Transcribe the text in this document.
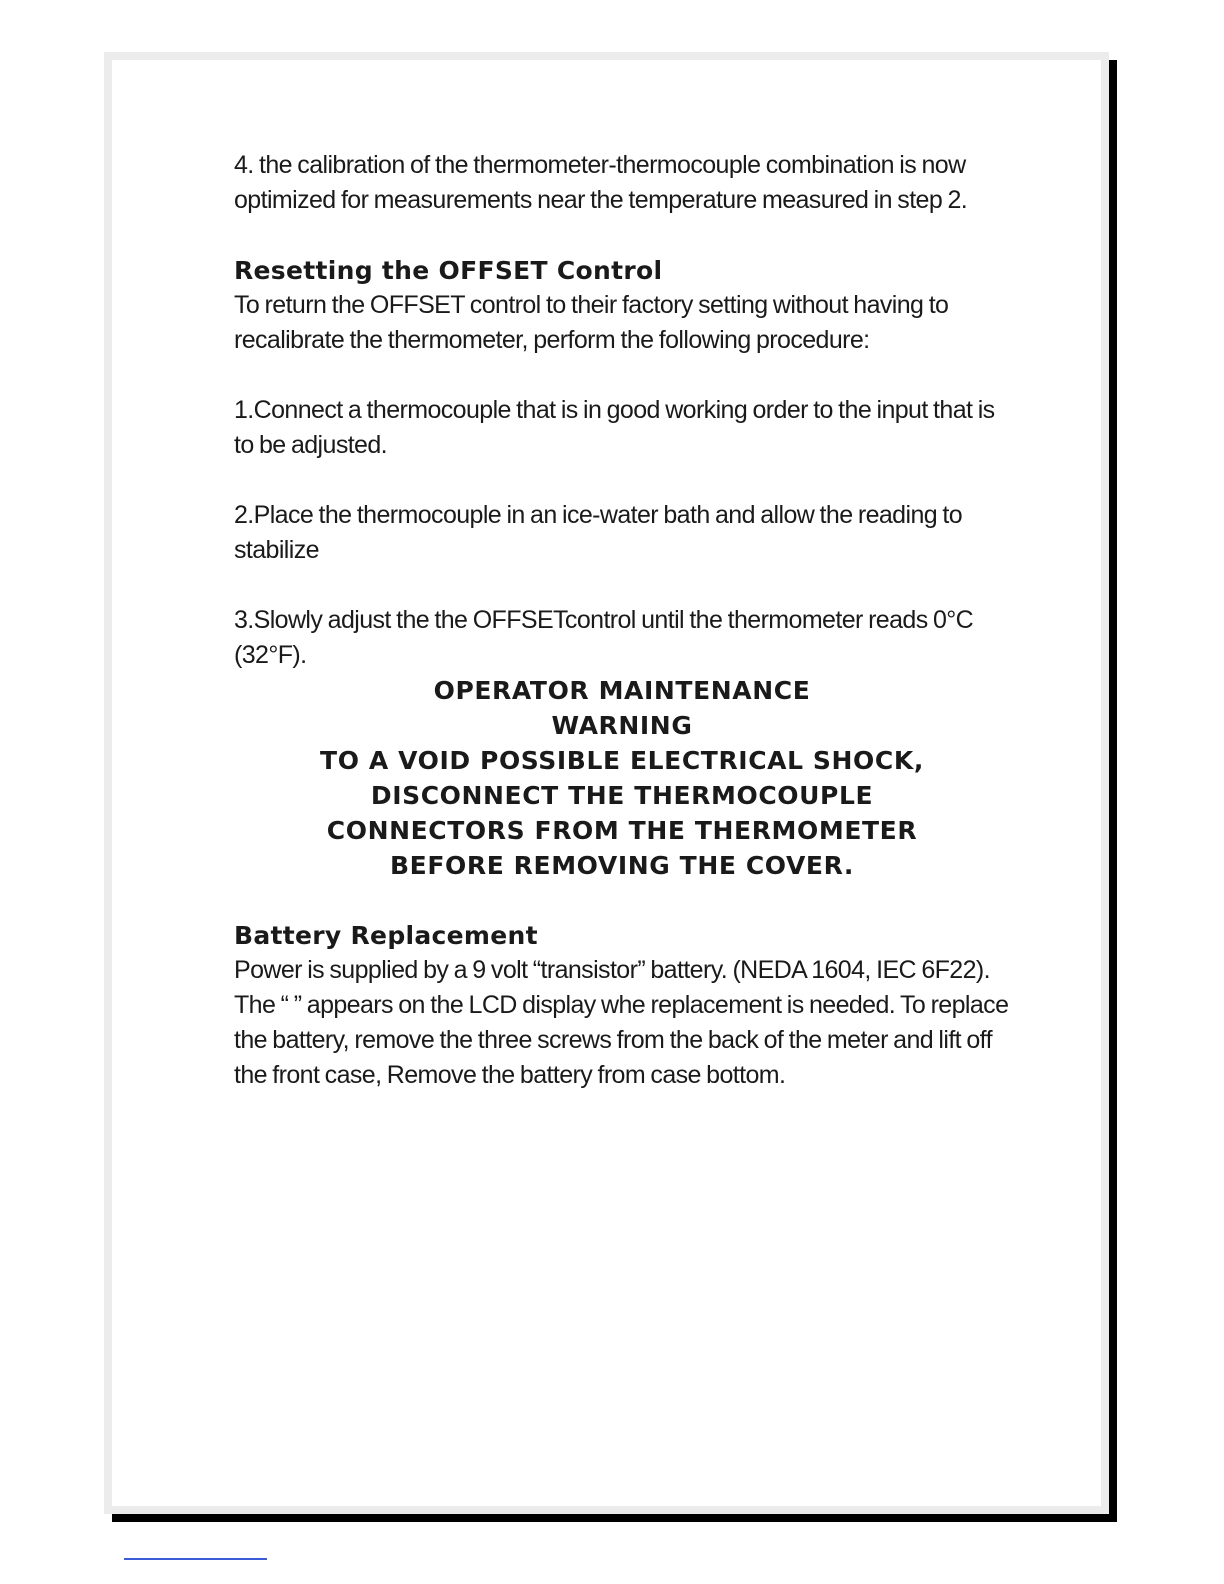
4. the calibration of the thermometer-thermocouple combination is now optimized for measurements near the temperature measured in step 2.

Resetting the OFFSET Control

To return the OFFSET control to their factory setting without having to recalibrate the thermometer, perform the following procedure:

1.Connect a thermocouple that is in good working order to the input that is to be adjusted.

2.Place the thermocouple in an ice-water bath and allow the reading to stabilize

3.Slowly adjust the the OFFSETcontrol until the thermometer reads 0°C (32°F).

OPERATOR MAINTENANCE
WARNING
TO A VOID POSSIBLE ELECTRICAL SHOCK,
DISCONNECT THE THERMOCOUPLE
CONNECTORS FROM THE THERMOMETER
BEFORE REMOVING THE COVER.
Battery Replacement

Power is supplied by a 9 volt “transistor” battery. (NEDA 1604, IEC 6F22). The “ ” appears on the LCD display whe replacement is needed. To replace the battery, remove the three screws from the back of the meter and lift off the front case, Remove the battery from case bottom.
